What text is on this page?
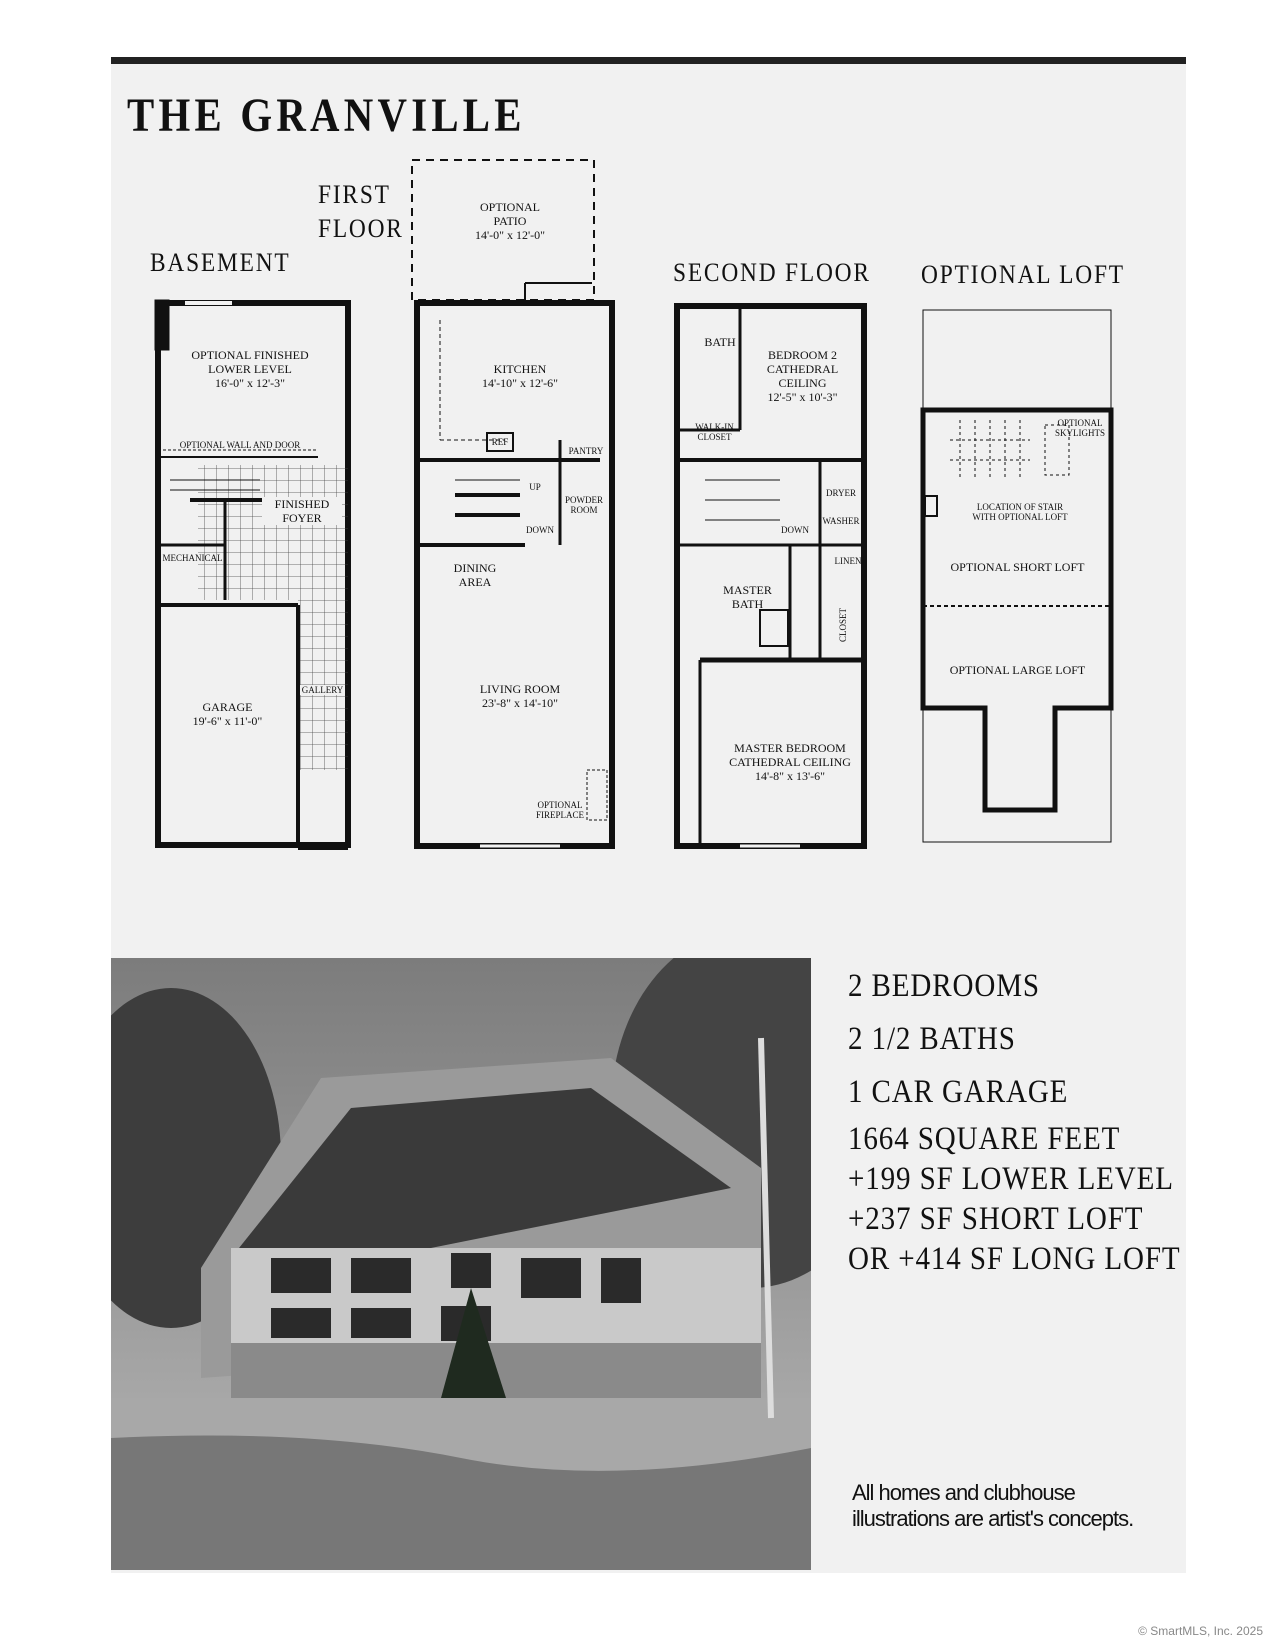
THE GRANVILLE
BASEMENT
FIRST
FLOOR
SECOND FLOOR OPTIONAL LOFT
OPTIONAL FINISHED
LOWER LEVEL
16'-0" x 12'-3"
OPTIONAL WALL AND DOOR
FINISHED
FOYER
MECHANICAL
GARAGE
19'-6" x 11'-0"
GALLERY
OPTIONAL
PATIO
14'-0" x 12'-0"
KITCHEN
14'-10" x 12'-6"
REF
PANTRY
POWDER
ROOM
UP
DOWN
DINING
AREA
LIVING ROOM
23'-8" x 14'-10"
OPTIONAL
FIREPLACE
BATH
BEDROOM 2
CATHEDRAL
CEILING
12'-5" x 10'-3"
WALK-IN
CLOSET
DRYER
WASHER
LINEN
DOWN
MASTER
BATH
CLOSET
MASTER BEDROOM
CATHEDRAL CEILING
14'-8" x 13'-6"
OPTIONAL
SKYLIGHTS
LOCATION OF STAIR
WITH OPTIONAL LOFT
OPTIONAL SHORT LOFT
OPTIONAL LARGE LOFT
2 BEDROOMS
2 1/2 BATHS
1 CAR GARAGE
1664 SQUARE FEET
+199 SF LOWER LEVEL
+237 SF SHORT LOFT
OR +414 SF LONG LOFT
All homes and clubhouse
illustrations are artist's concepts.
© SmartMLS, Inc. 2025
